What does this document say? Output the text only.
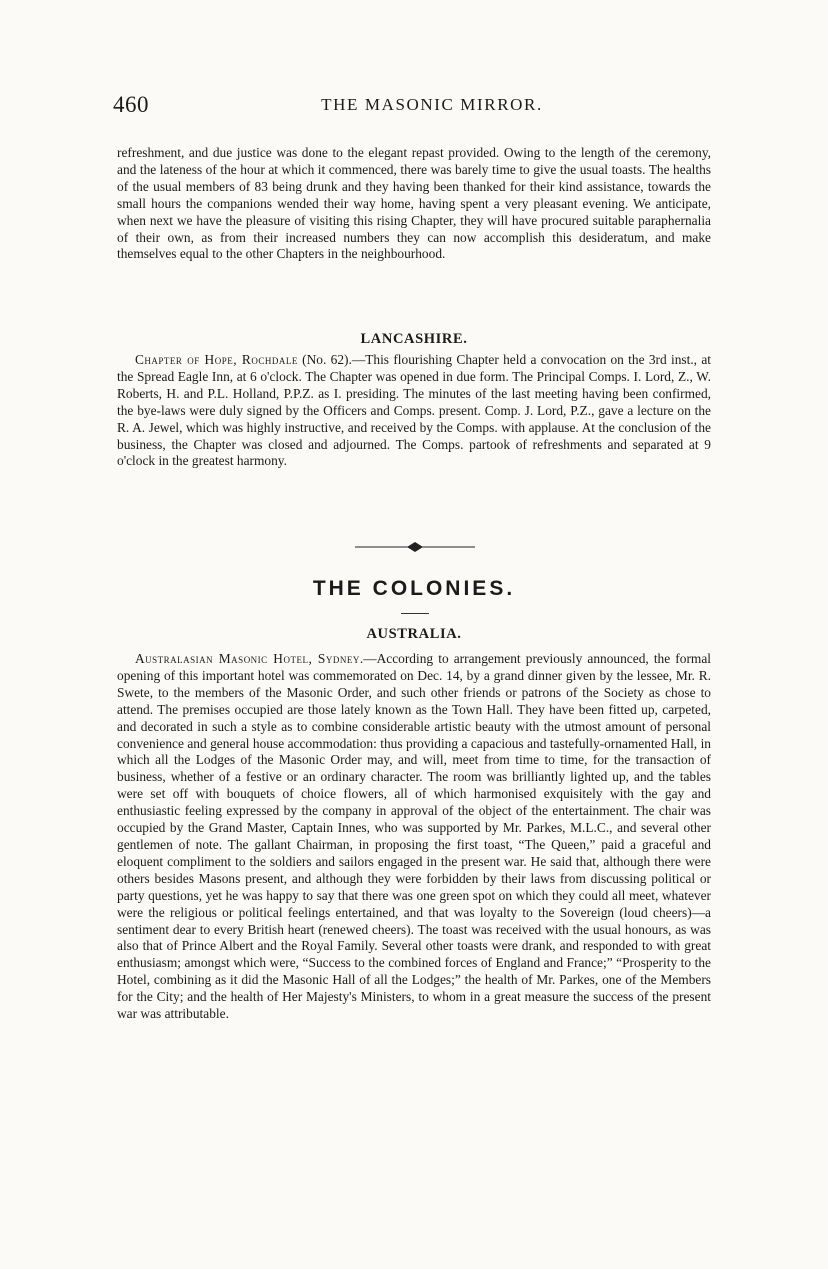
460	THE MASONIC MIRROR.

refreshment, and due justice was done to the elegant repast provided. Owing to the length of the ceremony, and the lateness of the hour at which it commenced, there was barely time to give the usual toasts. The healths of the usual members of 83 being drunk and they having been thanked for their kind assistance, towards the small hours the companions wended their way home, having spent a very pleasant evening. We anticipate, when next we have the pleasure of visiting this rising Chapter, they will have procured suitable paraphernalia of their own, as from their increased numbers they can now accomplish this desideratum, and make themselves equal to the other Chapters in the neighbourhood.

LANCASHIRE.

Chapter of Hope, Rochdale (No. 62).—This flourishing Chapter held a convocation on the 3rd inst., at the Spread Eagle Inn, at 6 o'clock. The Chapter was opened in due form. The Principal Comps. I. Lord, Z., W. Roberts, H. and P.L. Holland, P.P.Z. as I. presiding. The minutes of the last meeting having been confirmed, the bye-laws were duly signed by the Officers and Comps. present. Comp. J. Lord, P.Z., gave a lecture on the R. A. Jewel, which was highly instructive, and received by the Comps. with applause. At the conclusion of the business, the Chapter was closed and adjourned. The Comps. partook of refreshments and separated at 9 o'clock in the greatest harmony.

THE COLONIES.
AUSTRALIA.

Australasian Masonic Hotel, Sydney.—According to arrangement previously announced, the formal opening of this important hotel was commemorated on Dec. 14, by a grand dinner given by the lessee, Mr. R. Swete, to the members of the Masonic Order, and such other friends or patrons of the Society as chose to attend. The premises occupied are those lately known as the Town Hall. They have been fitted up, carpeted, and decorated in such a style as to combine considerable artistic beauty with the utmost amount of personal convenience and general house accommodation: thus providing a capacious and tastefully-ornamented Hall, in which all the Lodges of the Masonic Order may, and will, meet from time to time, for the transaction of business, whether of a festive or an ordinary character. The room was brilliantly lighted up, and the tables were set off with bouquets of choice flowers, all of which harmonised exquisitely with the gay and enthusiastic feeling expressed by the company in approval of the object of the entertainment. The chair was occupied by the Grand Master, Captain Innes, who was supported by Mr. Parkes, M.L.C., and several other gentlemen of note. The gallant Chairman, in proposing the first toast, “The Queen,” paid a graceful and eloquent compliment to the soldiers and sailors engaged in the present war. He said that, although there were others besides Masons present, and although they were forbidden by their laws from discussing political or party questions, yet he was happy to say that there was one green spot on which they could all meet, whatever were the religious or political feelings entertained, and that was loyalty to the Sovereign (loud cheers)—a sentiment dear to every British heart (renewed cheers). The toast was received with the usual honours, as was also that of Prince Albert and the Royal Family. Several other toasts were drank, and responded to with great enthusiasm; amongst which were, “Success to the combined forces of England and France;” “Prosperity to the Hotel, combining as it did the Masonic Hall of all the Lodges;” the health of Mr. Parkes, one of the Members for the City; and the health of Her Majesty's Ministers, to whom in a great measure the success of the present war was attributable.
